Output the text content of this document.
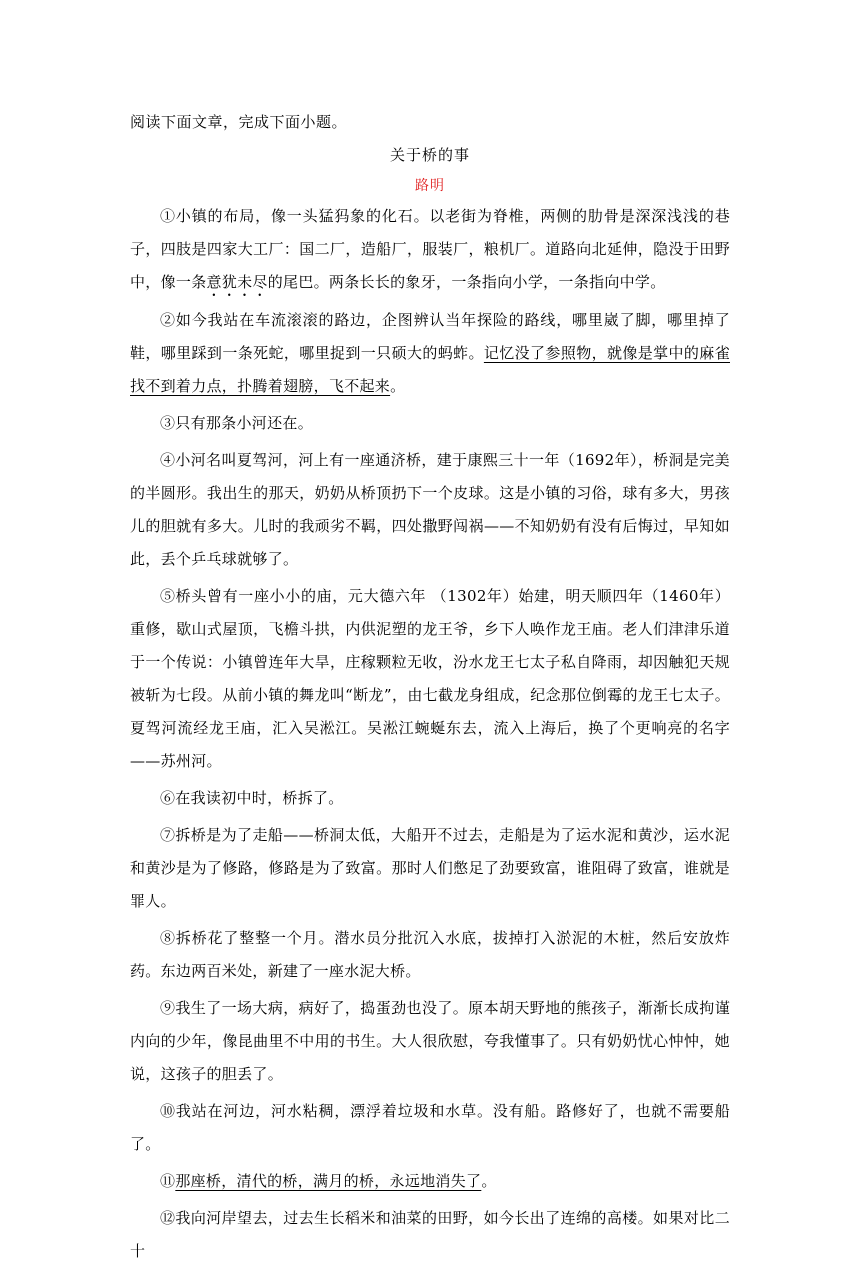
阅读下面文章，完成下面小题。

关于桥的事

路明

①小镇的布局，像一头猛犸象的化石。以老街为脊椎，两侧的肋骨是深深浅浅的巷子，四肢是四家大工厂：国二厂，造船厂，服装厂，粮机厂。道路向北延伸，隐没于田野中，像一条意犹未尽的尾巴。两条长长的象牙，一条指向小学，一条指向中学。

②如今我站在车流滚滚的路边，企图辨认当年探险的路线，哪里崴了脚，哪里掉了鞋，哪里踩到一条死蛇，哪里捉到一只硕大的蚂蚱。记忆没了参照物，就像是掌中的麻雀找不到着力点，扑腾着翅膀，飞不起来。

③只有那条小河还在。

④小河名叫夏驾河，河上有一座通济桥，建于康熙三十一年（1692年），桥洞是完美的半圆形。我出生的那天，奶奶从桥顶扔下一个皮球。这是小镇的习俗，球有多大，男孩儿的胆就有多大。儿时的我顽劣不羁，四处撒野闯祸——不知奶奶有没有后悔过，早知如此，丢个乒乓球就够了。

⑤桥头曾有一座小小的庙，元大德六年 （1302年）始建，明天顺四年（1460年）重修，歇山式屋顶，飞檐斗拱，内供泥塑的龙王爷，乡下人唤作龙王庙。老人们津津乐道于一个传说：小镇曾连年大旱，庄稼颗粒无收，汾水龙王七太子私自降雨，却因触犯天规被斩为七段。从前小镇的舞龙叫“断龙”，由七截龙身组成，纪念那位倒霉的龙王七太子。夏驾河流经龙王庙，汇入吴淞江。吴淞江蜿蜒东去，流入上海后，换了个更响亮的名字——苏州河。

⑥在我读初中时，桥拆了。

⑦拆桥是为了走船——桥洞太低，大船开不过去，走船是为了运水泥和黄沙，运水泥和黄沙是为了修路，修路是为了致富。那时人们憋足了劲要致富，谁阻碍了致富，谁就是罪人。

⑧拆桥花了整整一个月。潜水员分批沉入水底，拔掉打入淤泥的木桩，然后安放炸药。东边两百米处，新建了一座水泥大桥。

⑨我生了一场大病，病好了，捣蛋劲也没了。原本胡天野地的熊孩子，渐渐长成拘谨内向的少年，像昆曲里不中用的书生。大人很欣慰，夸我懂事了。只有奶奶忧心忡忡，她说，这孩子的胆丢了。

⑩我站在河边，河水粘稠，漂浮着垃圾和水草。没有船。路修好了，也就不需要船了。

⑪那座桥，清代的桥，满月的桥，永远地消失了。

⑫我向河岸望去，过去生长稻米和油菜的田野，如今长出了连绵的高楼。如果对比二十
